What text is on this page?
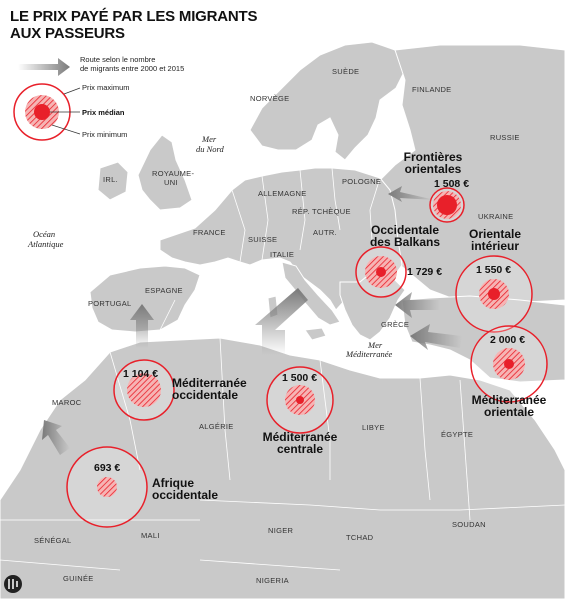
LE PRIX PAYÉ PAR LES MIGRANTS
AUX PASSEURS
SUÈDE
NORVÈGE
FINLANDE
RUSSIE
IRL.
ROYAUME-
UNI
ALLEMAGNE
POLOGNE
RÉP. TCHÈQUE
UKRAINE
FRANCE
SUISSE
AUTR.
ITALIE
ESPAGNE
PORTUGAL
GRÈCE
MAROC
ALGÉRIE	LIBYE
ÉGYPTE
MALI
NIGER
TCHAD
SOUDAN
SÉNÉGAL
GUINÉE	NIGERIA
Mer
du Nord
Océan
Atlantique
Mer
Méditerranée
Route selon le nombre
de migrants entre 2000 et 2015
Prix maximum
Prix médian
Prix minimum
1 508 €
Frontières
orientales
1 729 €
Occidentale
des Balkans
1 550 €
Orientale
intérieur
2 000 €
Méditerranée
orientale
1 500 €
Méditerranée
centrale
1 104 €
Méditerranée
occidentale
693 €
Afrique
occidentale
